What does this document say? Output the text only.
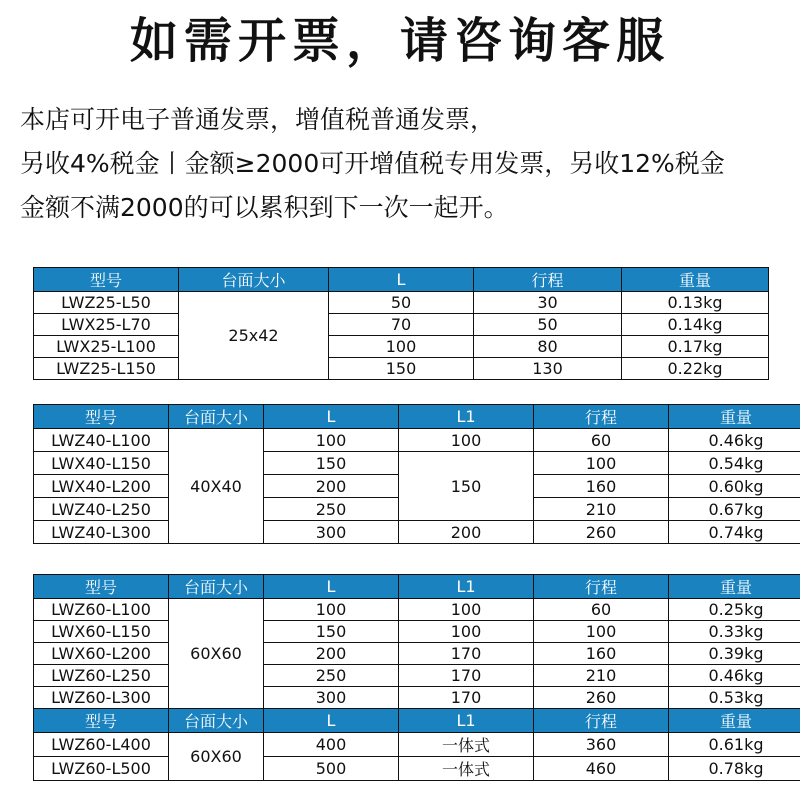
如需开票，请咨询客服
本店可开电子普通发票，增值税普通发票，
另收4%税金丨金额≥2000可开增值税专用发票，另收12%税金
金额不满2000的可以累积到下一次一起开。
型号	台面大小	L	行程	重量
LWZ25-L50	25x42	50	30	0.13kg
LWX25-L70		70	50	0.14kg
LWX25-L100		100	80	0.17kg
LWZ25-L150		150	130	0.22kg
型号	台面大小	L	L1	行程	重量
LWZ40-L100	40X40	100	100	60	0.46kg
LWX40-L150		150	150	100	0.54kg
LWX40-L200		200		160	0.60kg
LWZ40-L250		250		210	0.67kg
LWZ40-L300		300	200	260	0.74kg
型号	台面大小	L	L1	行程	重量
LWZ60-L100	60X60	100	100	60	0.25kg
LWX60-L150		150	100	100	0.33kg
LWX60-L200		200	170	160	0.39kg
LWZ60-L250		250	170	210	0.46kg
LWZ60-L300		300	170	260	0.53kg
型号	台面大小	L	L1	行程	重量
LWZ60-L400	60X60	400	一体式	360	0.61kg
LWZ60-L500		500	一体式	460	0.78kg
